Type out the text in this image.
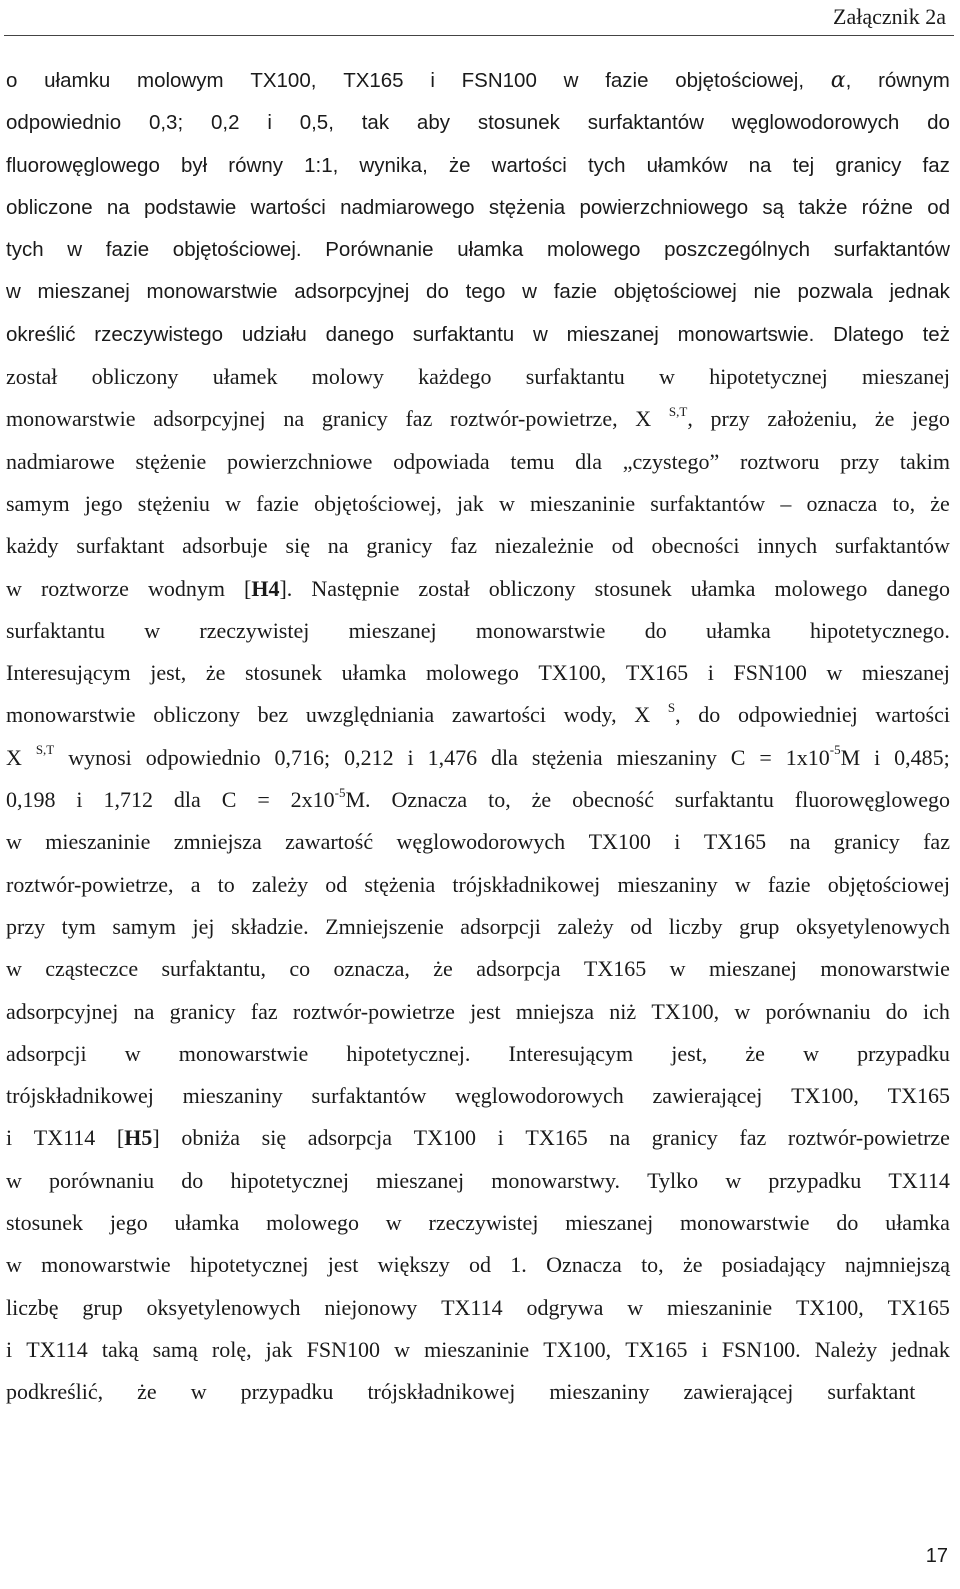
Załącznik 2a
o ułamku molowym TX100, TX165 i FSN100 w fazie objętościowej, α, równym
odpowiednio 0,3; 0,2 i 0,5, tak aby stosunek surfaktantów węglowodorowych do
fluorowęglowego był równy 1:1, wynika, że wartości tych ułamków na tej granicy faz
obliczone na podstawie wartości nadmiarowego stężenia powierzchniowego są także różne od
tych w fazie objętościowej. Porównanie ułamka molowego poszczególnych surfaktantów
w mieszanej monowarstwie adsorpcyjnej do tego w fazie objętościowej nie pozwala jednak
określić rzeczywistego udziału danego surfaktantu w mieszanej monowartswie. Dlatego też
został obliczony ułamek molowy każdego surfaktantu w hipotetycznej mieszanej
monowarstwie adsorpcyjnej na granicy faz roztwór-powietrze, X $^{S,T}$, przy założeniu, że jego
nadmiarowe stężenie powierzchniowe odpowiada temu dla „czystego” roztworu przy takim
samym jego stężeniu w fazie objętościowej, jak w mieszaninie surfaktantów – oznacza to, że
każdy surfaktant adsorbuje się na granicy faz niezależnie od obecności innych surfaktantów
w roztworze wodnym [H4]. Następnie został obliczony stosunek ułamka molowego danego
surfaktantu w rzeczywistej mieszanej monowarstwie do ułamka hipotetycznego.
Interesującym jest, że stosunek ułamka molowego TX100, TX165 i FSN100 w mieszanej
monowarstwie obliczony bez uwzględniania zawartości wody, X $^S$, do odpowiedniej wartości
X $^{S,T}$ wynosi odpowiednio 0,716; 0,212 i 1,476 dla stężenia mieszaniny $C = 1x10^{-5}M$ i 0,485;
0,198 i 1,712 dla $C = 2x10^{-5}M$. Oznacza to, że obecność surfaktantu fluorowęglowego
w mieszaninie zmniejsza zawartość węglowodorowych TX100 i TX165 na granicy faz
roztwór-powietrze, a to zależy od stężenia trójskładnikowej mieszaniny w fazie objętościowej
przy tym samym jej składzie. Zmniejszenie adsorpcji zależy od liczby grup oksyetylenowych
w cząsteczce surfaktantu, co oznacza, że adsorpcja TX165 w mieszanej monowarstwie
adsorpcyjnej na granicy faz roztwór-powietrze jest mniejsza niż TX100, w porównaniu do ich
adsorpcji w monowarstwie hipotetycznej. Interesującym jest, że w przypadku
trójskładnikowej mieszaniny surfaktantów węglowodorowych zawierającej TX100, TX165
i TX114 [H5] obniża się adsorpcja TX100 i TX165 na granicy faz roztwór-powietrze
w porównaniu do hipotetycznej mieszanej monowarstwy. Tylko w przypadku TX114
stosunek jego ułamka molowego w rzeczywistej mieszanej monowarstwie do ułamka
w monowarstwie hipotetycznej jest większy od 1. Oznacza to, że posiadający najmniejszą
liczbę grup oksyetylenowych niejonowy TX114 odgrywa w mieszaninie TX100, TX165
i TX114 taką samą rolę, jak FSN100 w mieszaninie TX100, TX165 i FSN100. Należy jednak
podkreślić, że w przypadku trójskładnikowej mieszaniny zawierającej surfaktant
17
